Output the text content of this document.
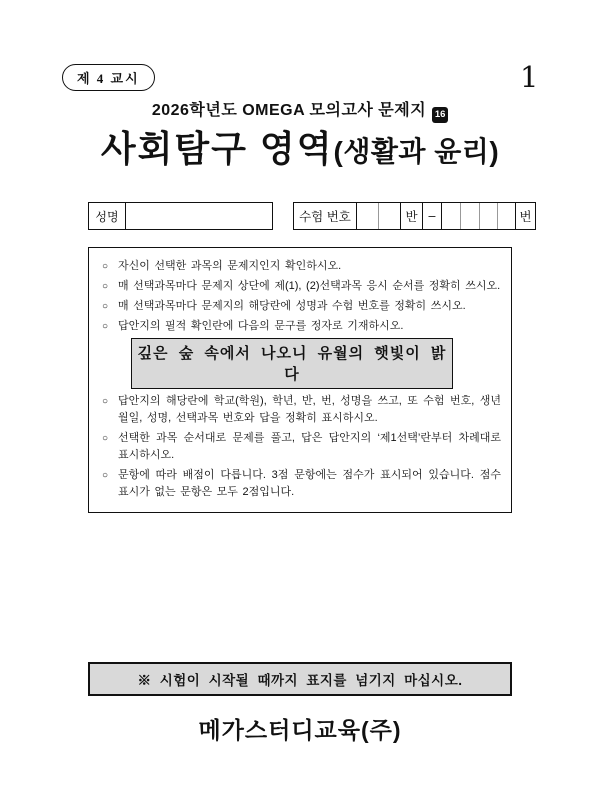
제 4 교시	1
2026학년도 OMEGA 모의고사 문제지 16
사회탐구 영역(생활과 윤리)
성명	수험 번호	반 –	번
○ 자신이 선택한 과목의 문제지인지 확인하시오.
○ 매 선택과목마다 문제지 상단에 제(1), (2)선택과목 응시 순서를 정확히 쓰시오.
○ 매 선택과목마다 문제지의 해당란에 성명과 수험 번호를 정확히 쓰시오.
○ 답안지의 필적 확인란에 다음의 문구를 정자로 기재하시오.
깊은 숲 속에서 나오니 유월의 햇빛이 밝다
○ 답안지의 해당란에 학교(학원), 학년, 반, 번, 성명을 쓰고, 또 수험 번호, 생년월일, 성명, 선택과목 번호와 답을 정확히 표시하시오.
○ 선택한 과목 순서대로 문제를 풀고, 답은 답안지의 ‘제1선택’란부터 차례대로 표시하시오.
○ 문항에 따라 배점이 다릅니다. 3점 문항에는 점수가 표시되어 있습니다. 점수 표시가 없는 문항은 모두 2점입니다.
※ 시험이 시작될 때까지 표지를 넘기지 마십시오.
메가스터디교육(주)
